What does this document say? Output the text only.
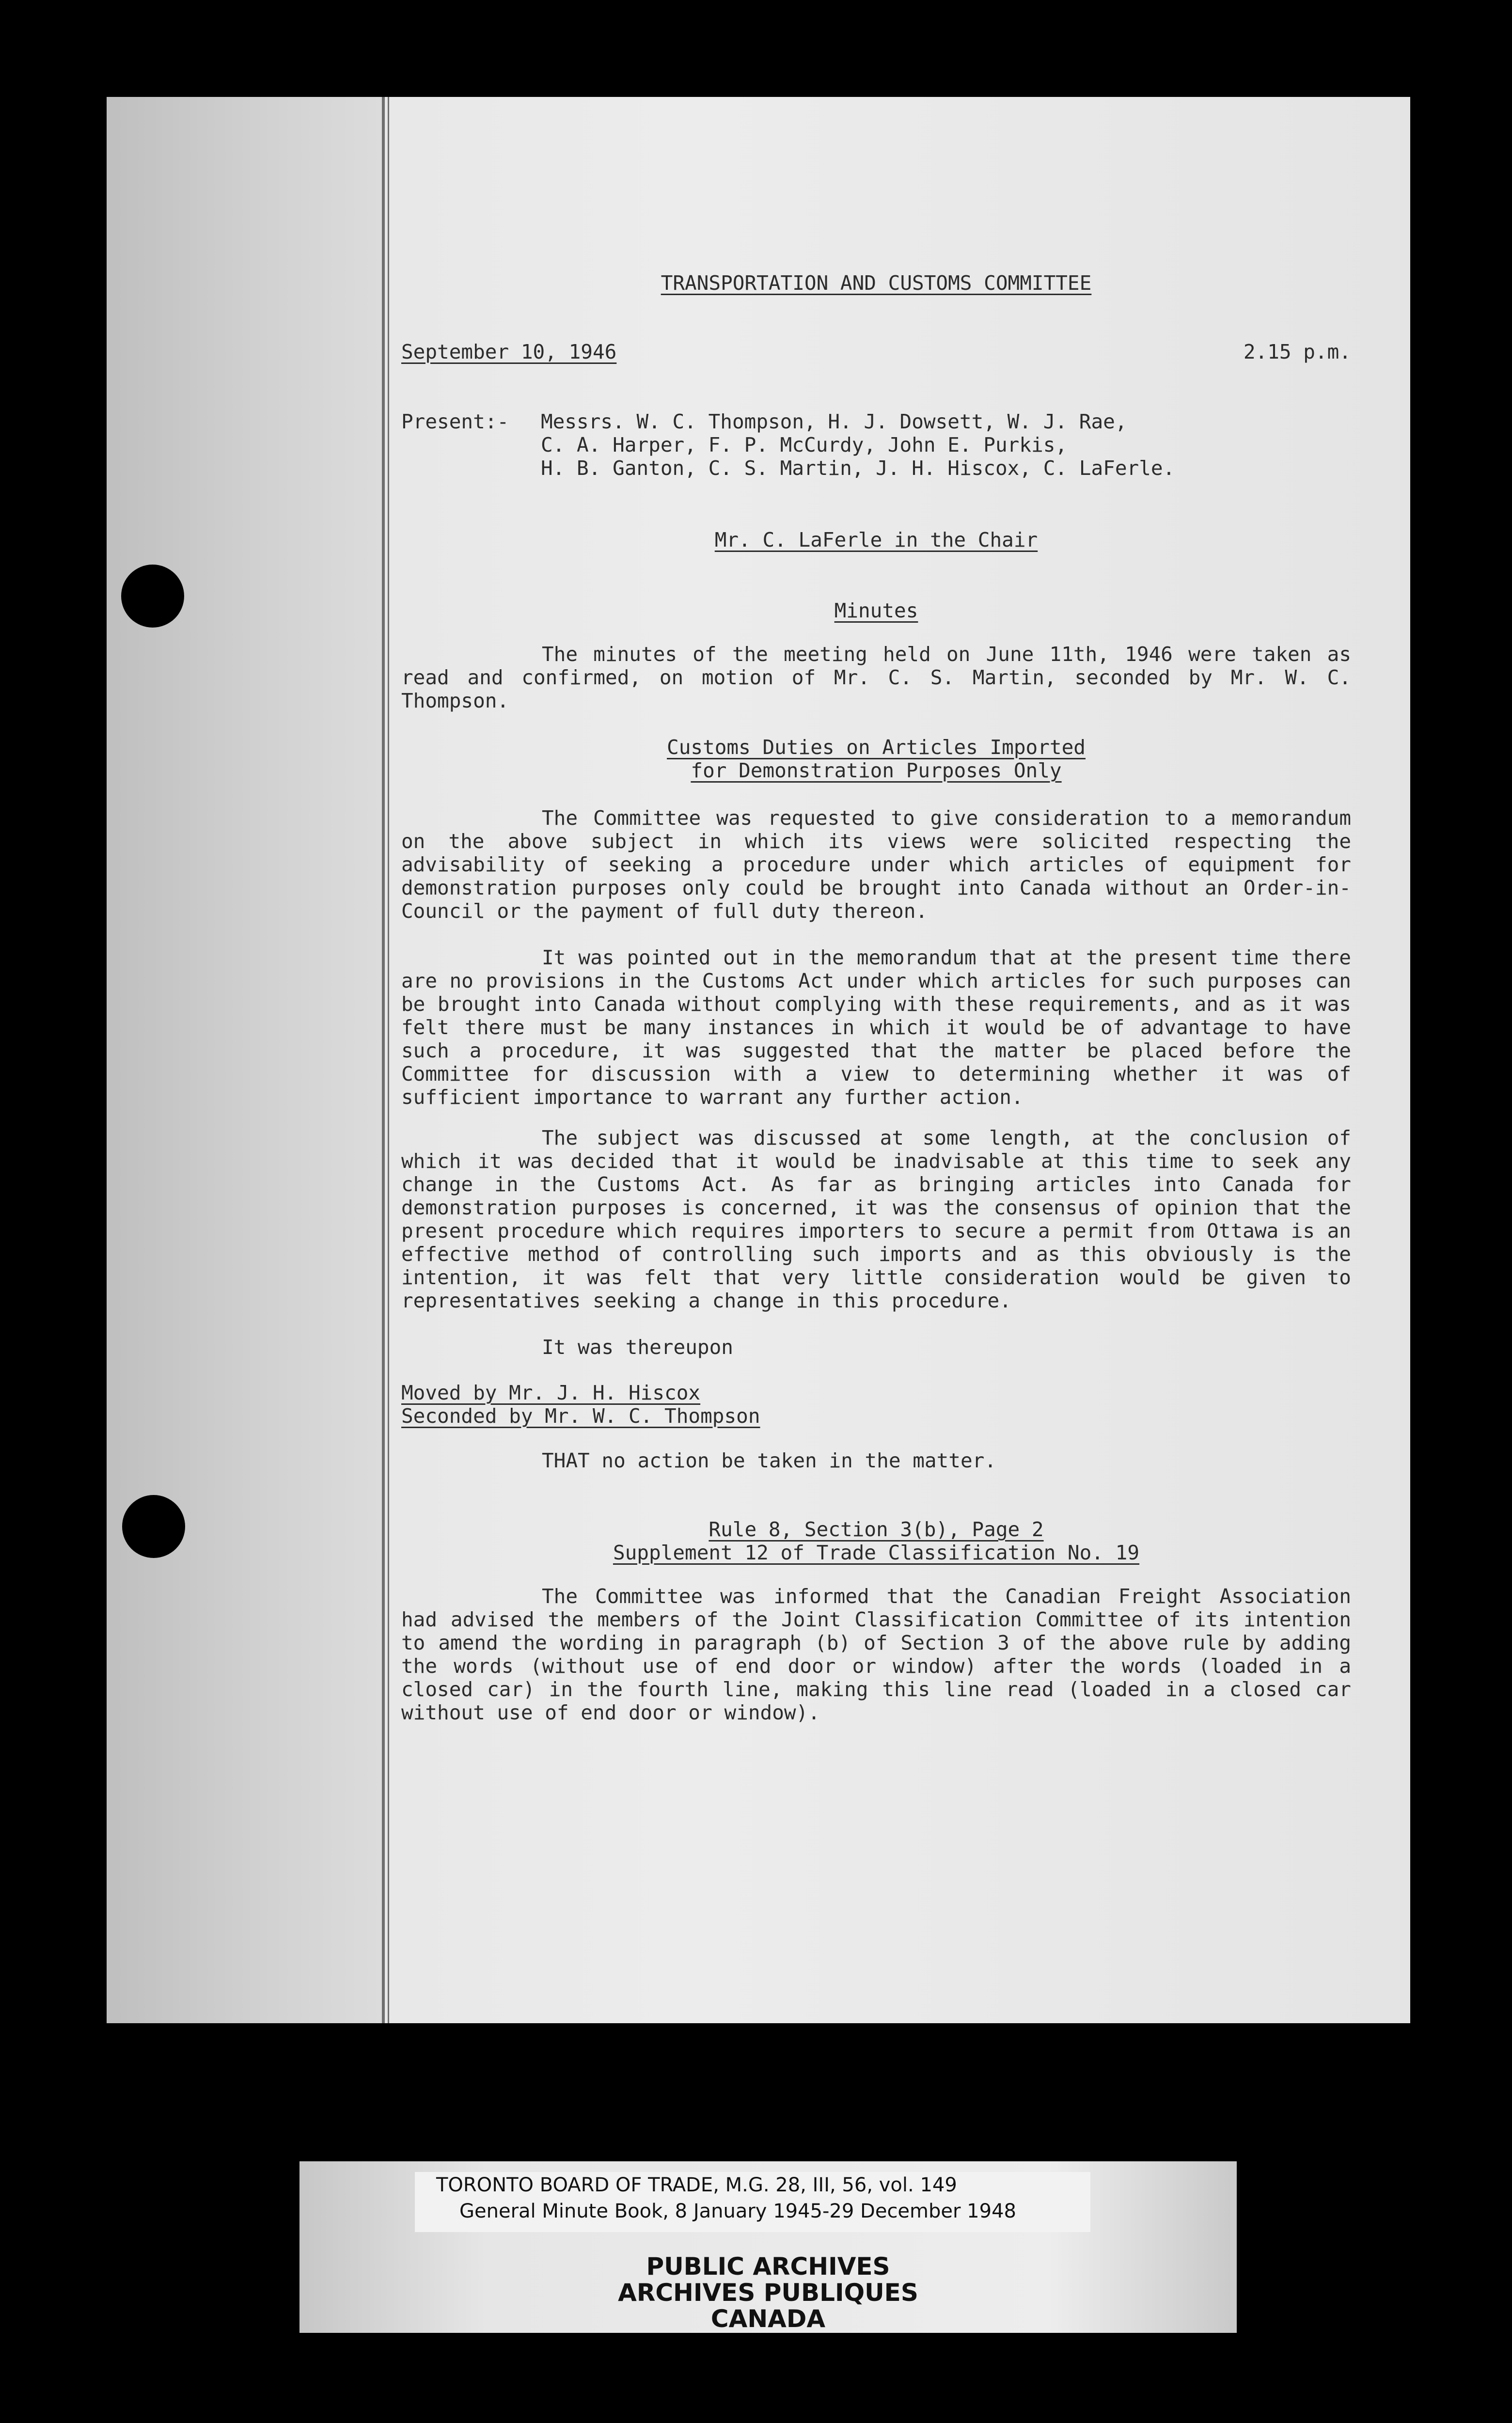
TRANSPORTATION AND CUSTOMS COMMITTEE
September 10, 1946	2.15 p.m.
Present:-	Messrs. W. C. Thompson, H. J. Dowsett, W. J. Rae,
C. A. Harper, F. P. McCurdy, John E. Purkis,
H. B. Ganton, C. S. Martin, J. H. Hiscox, C. LaFerle.
Mr. C. LaFerle in the Chair
Minutes

The minutes of the meeting held on June 11th, 1946 were taken as read and confirmed, on motion of Mr. C. S. Martin, seconded by Mr. W. C. Thompson.

Customs Duties on Articles Imported
for Demonstration Purposes Only

The Committee was requested to give consideration to a memorandum on the above subject in which its views were solicited respecting the advisability of seeking a procedure under which articles of equipment for demonstration purposes only could be brought into Canada without an Order-in-Council or the payment of full duty thereon.

It was pointed out in the memorandum that at the present time there are no provisions in the Customs Act under which articles for such purposes can be brought into Canada without complying with these requirements, and as it was felt there must be many instances in which it would be of advantage to have such a procedure, it was suggested that the matter be placed before the Committee for discussion with a view to determining whether it was of sufficient importance to warrant any further action.

The subject was discussed at some length, at the conclusion of which it was decided that it would be inadvisable at this time to seek any change in the Customs Act. As far as bringing articles into Canada for demonstration purposes is concerned, it was the consensus of opinion that the present procedure which requires importers to secure a permit from Ottawa is an effective method of controlling such imports and as this obviously is the intention, it was felt that very little consideration would be given to representatives seeking a change in this procedure.

It was thereupon

Moved by Mr. J. H. Hiscox
Seconded by Mr. W. C. Thompson

THAT no action be taken in the matter.

Rule 8, Section 3(b), Page 2
Supplement 12 of Trade Classification No. 19

The Committee was informed that the Canadian Freight Association had advised the members of the Joint Classification Committee of its intention to amend the wording in paragraph (b) of Section 3 of the above rule by adding the words (without use of end door or window) after the words (loaded in a closed car) in the fourth line, making this line read (loaded in a closed car without use of end door or window).

TORONTO BOARD OF TRADE, M.G. 28, III, 56, vol. 149
General Minute Book, 8 January 1945-29 December 1948
PUBLIC ARCHIVES
ARCHIVES PUBLIQUES
CANADA
